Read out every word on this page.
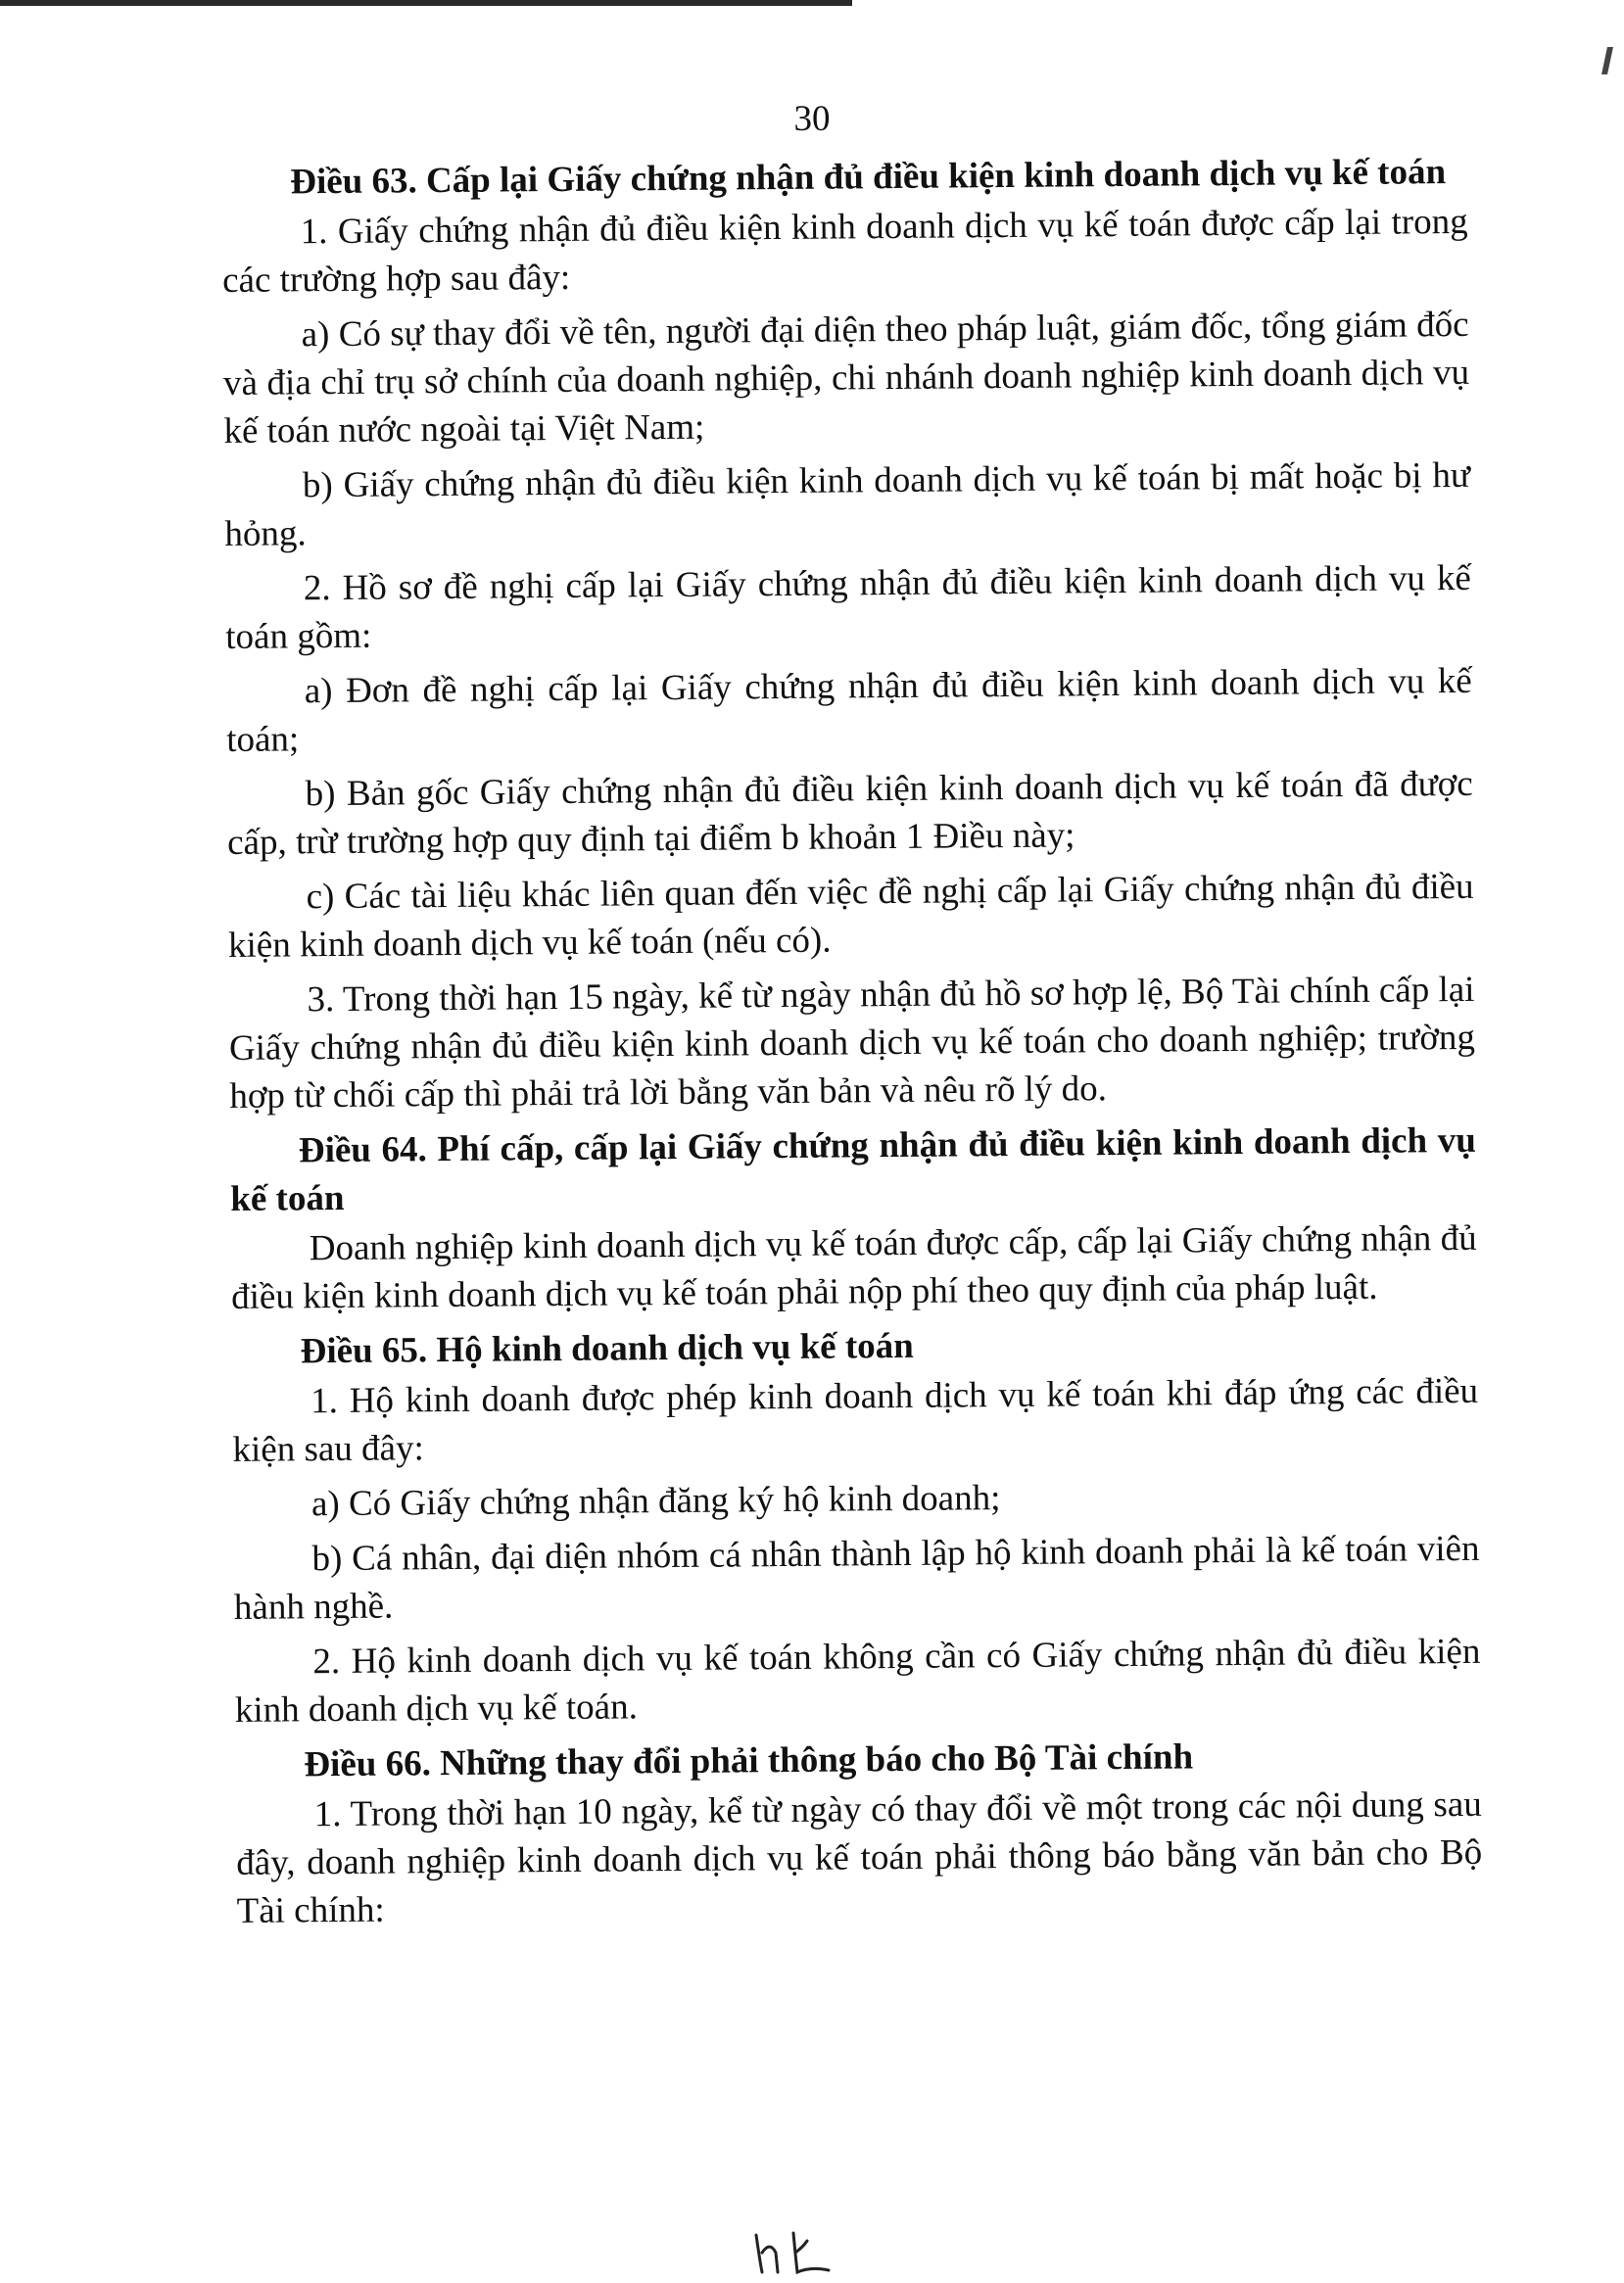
30

Điều 63. Cấp lại Giấy chứng nhận đủ điều kiện kinh doanh dịch vụ kế toán

1. Giấy chứng nhận đủ điều kiện kinh doanh dịch vụ kế toán được cấp lại trong các trường hợp sau đây:

a) Có sự thay đổi về tên, người đại diện theo pháp luật, giám đốc, tổng giám đốc và địa chỉ trụ sở chính của doanh nghiệp, chi nhánh doanh nghiệp kinh doanh dịch vụ kế toán nước ngoài tại Việt Nam;

b) Giấy chứng nhận đủ điều kiện kinh doanh dịch vụ kế toán bị mất hoặc bị hư hỏng.

2. Hồ sơ đề nghị cấp lại Giấy chứng nhận đủ điều kiện kinh doanh dịch vụ kế toán gồm:

a) Đơn đề nghị cấp lại Giấy chứng nhận đủ điều kiện kinh doanh dịch vụ kế toán;

b) Bản gốc Giấy chứng nhận đủ điều kiện kinh doanh dịch vụ kế toán đã được cấp, trừ trường hợp quy định tại điểm b khoản 1 Điều này;

c) Các tài liệu khác liên quan đến việc đề nghị cấp lại Giấy chứng nhận đủ điều kiện kinh doanh dịch vụ kế toán (nếu có).

3. Trong thời hạn 15 ngày, kể từ ngày nhận đủ hồ sơ hợp lệ, Bộ Tài chính cấp lại Giấy chứng nhận đủ điều kiện kinh doanh dịch vụ kế toán cho doanh nghiệp; trường hợp từ chối cấp thì phải trả lời bằng văn bản và nêu rõ lý do.

Điều 64. Phí cấp, cấp lại Giấy chứng nhận đủ điều kiện kinh doanh dịch vụ kế toán

Doanh nghiệp kinh doanh dịch vụ kế toán được cấp, cấp lại Giấy chứng nhận đủ điều kiện kinh doanh dịch vụ kế toán phải nộp phí theo quy định của pháp luật.

Điều 65. Hộ kinh doanh dịch vụ kế toán

1. Hộ kinh doanh được phép kinh doanh dịch vụ kế toán khi đáp ứng các điều kiện sau đây:

a) Có Giấy chứng nhận đăng ký hộ kinh doanh;

b) Cá nhân, đại diện nhóm cá nhân thành lập hộ kinh doanh phải là kế toán viên hành nghề.

2. Hộ kinh doanh dịch vụ kế toán không cần có Giấy chứng nhận đủ điều kiện kinh doanh dịch vụ kế toán.

Điều 66. Những thay đổi phải thông báo cho Bộ Tài chính

1. Trong thời hạn 10 ngày, kể từ ngày có thay đổi về một trong các nội dung sau đây, doanh nghiệp kinh doanh dịch vụ kế toán phải thông báo bằng văn bản cho Bộ Tài chính:
